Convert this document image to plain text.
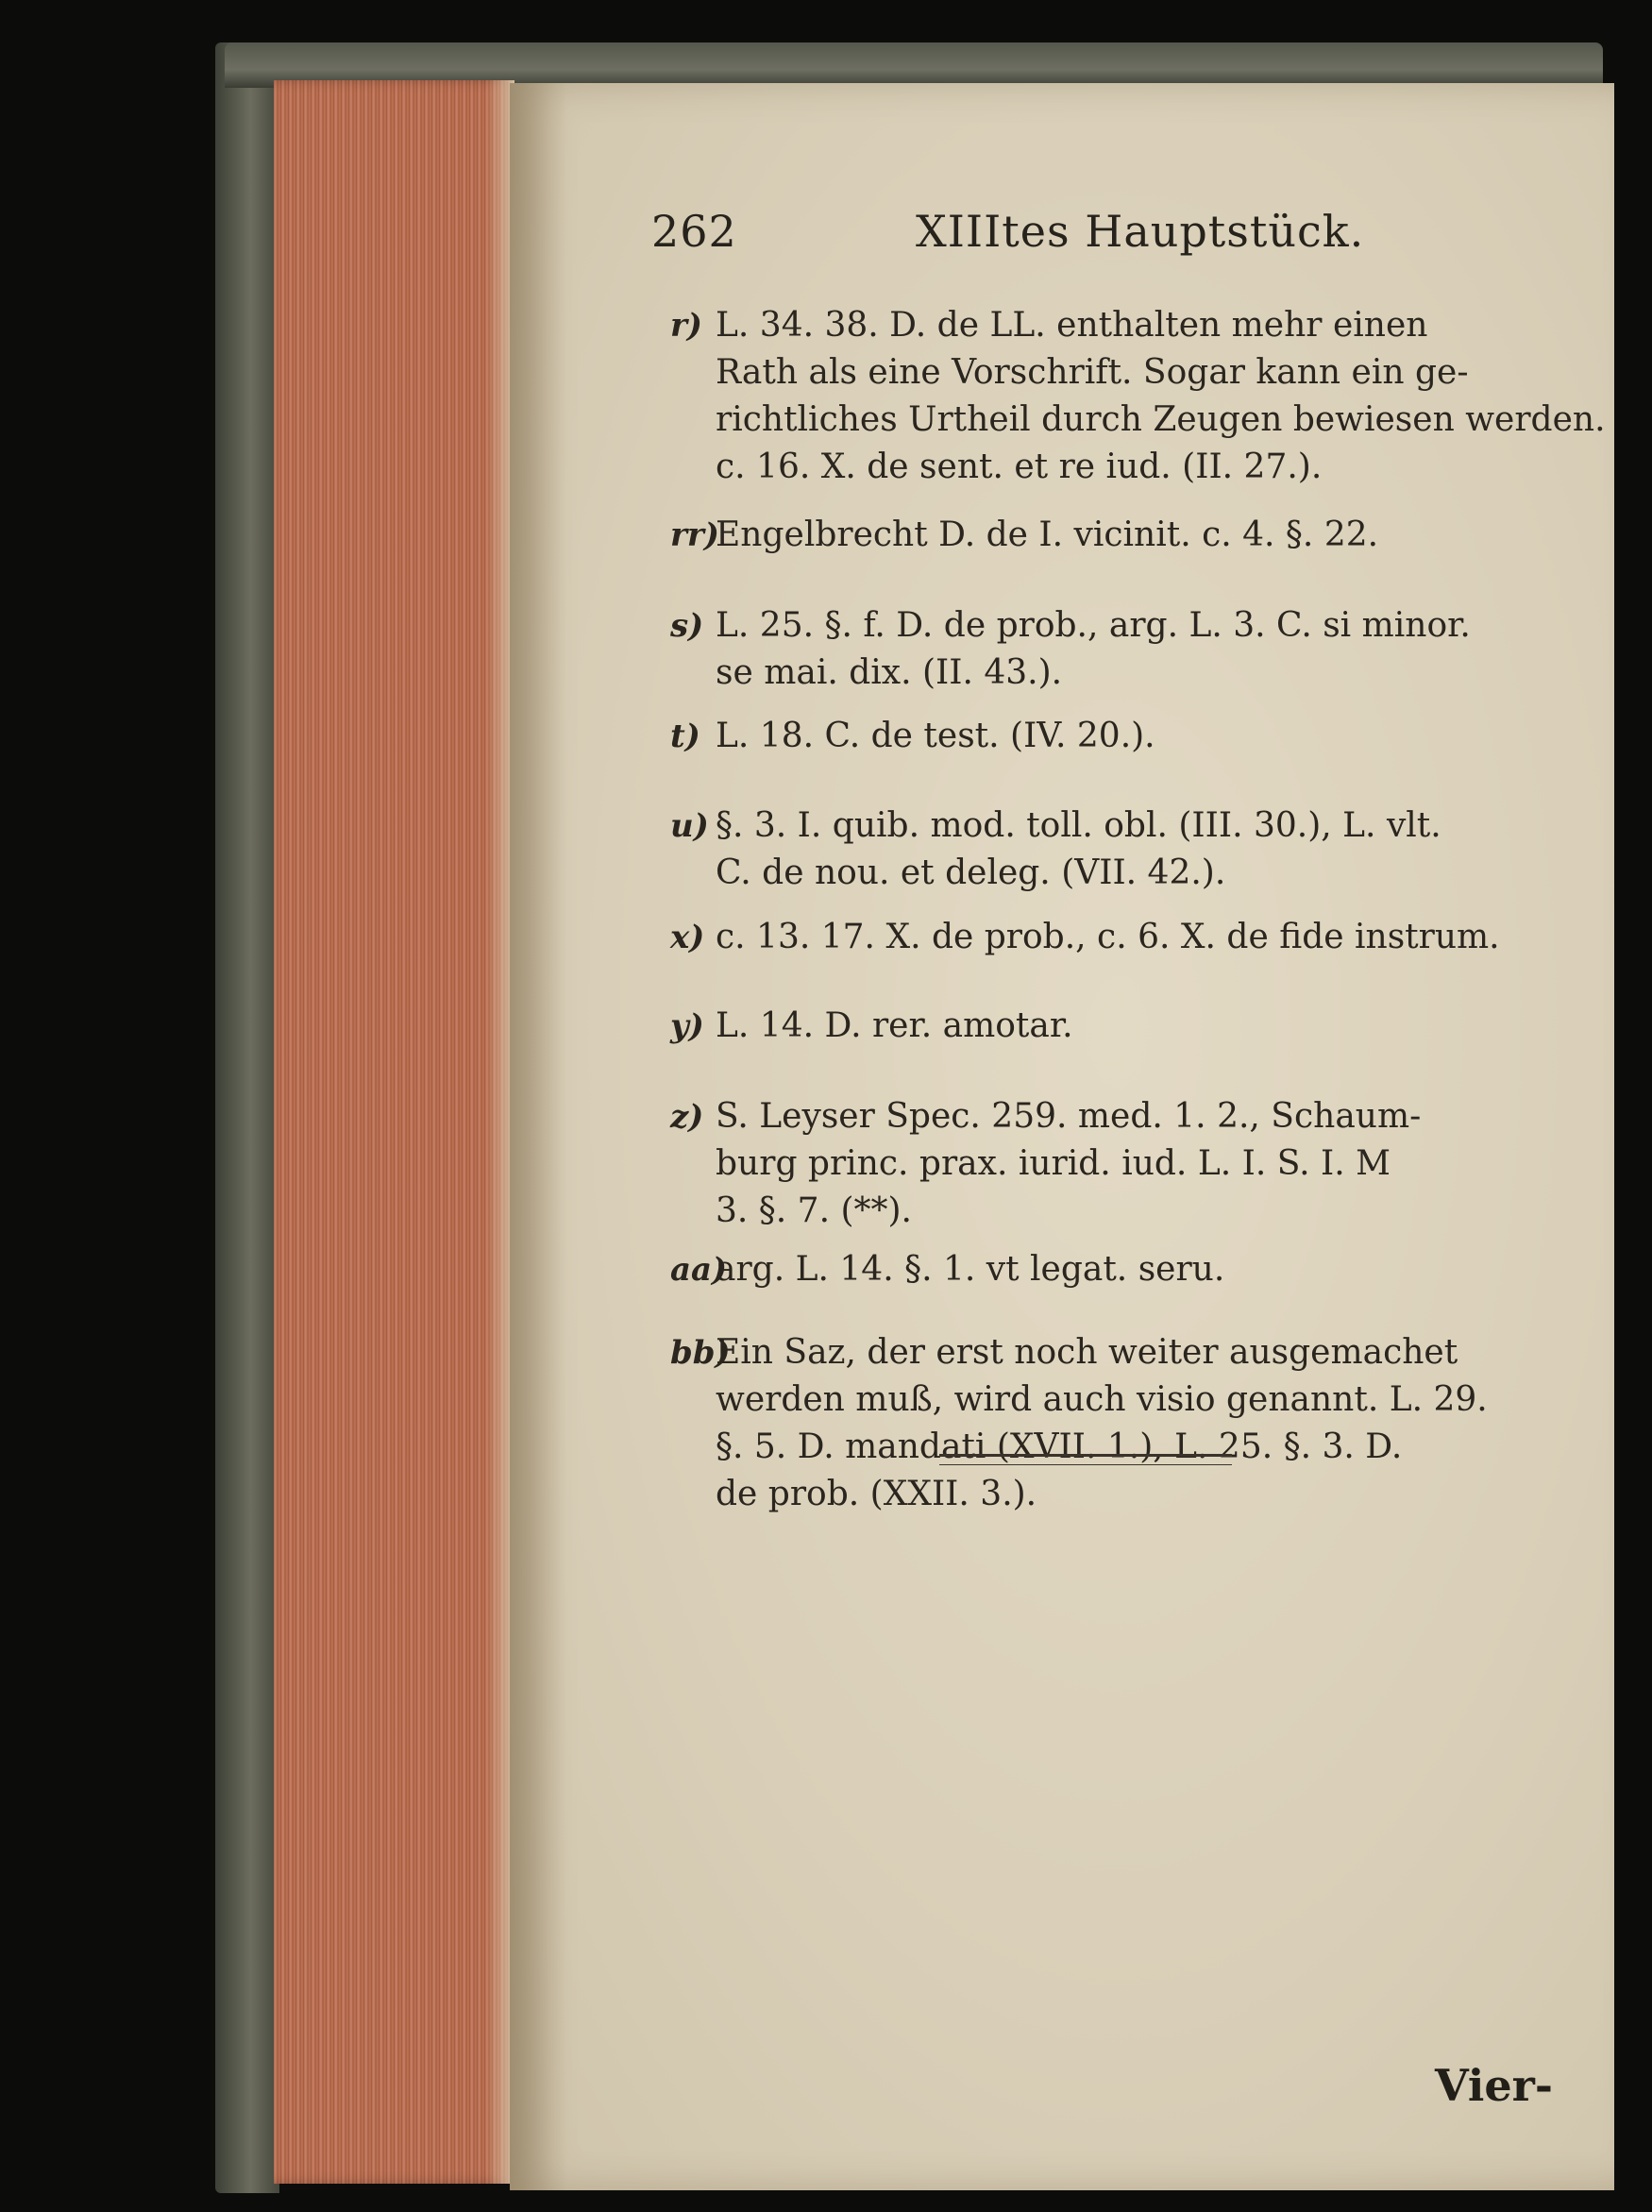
262	XIIItes Hauptstück.
r) L. 34. 38. D. de LL. enthalten mehr einen
Rath als eine Vorschrift. Sogar kann ein ge-
richtliches Urtheil durch Zeugen bewiesen werden.
c. 16. X. de sent. et re iud. (II. 27.).
rr)
Engelbrecht D. de I. vicinit. c. 4. §. 22.
s) L. 25. §. f. D. de prob., arg. L. 3. C. si minor.
se mai. dix. (II. 43.).
t) L. 18. C. de test. (IV. 20.).
u) §. 3. I. quib. mod. toll. obl. (III. 30.), L. vlt.
C. de nou. et deleg. (VII. 42.).
x) c. 13. 17. X. de prob., c. 6. X. de fide instrum.
y) L. 14. D. rer. amotar.
z) S. Leyser Spec. 259. med. 1. 2., Schaum-
burg princ. prax. iurid. iud. L. I. S. I. M
3. §. 7. (**).
aa)
arg. L. 14. §. 1. vt legat. seru.
bb)
Ein Saz, der erst noch weiter ausgemachet
werden muß, wird auch visio genannt. L. 29.
§. 5. D. mandati (XVII. 1.), L. 25. §. 3. D.
de prob. (XXII. 3.).
Vier-
